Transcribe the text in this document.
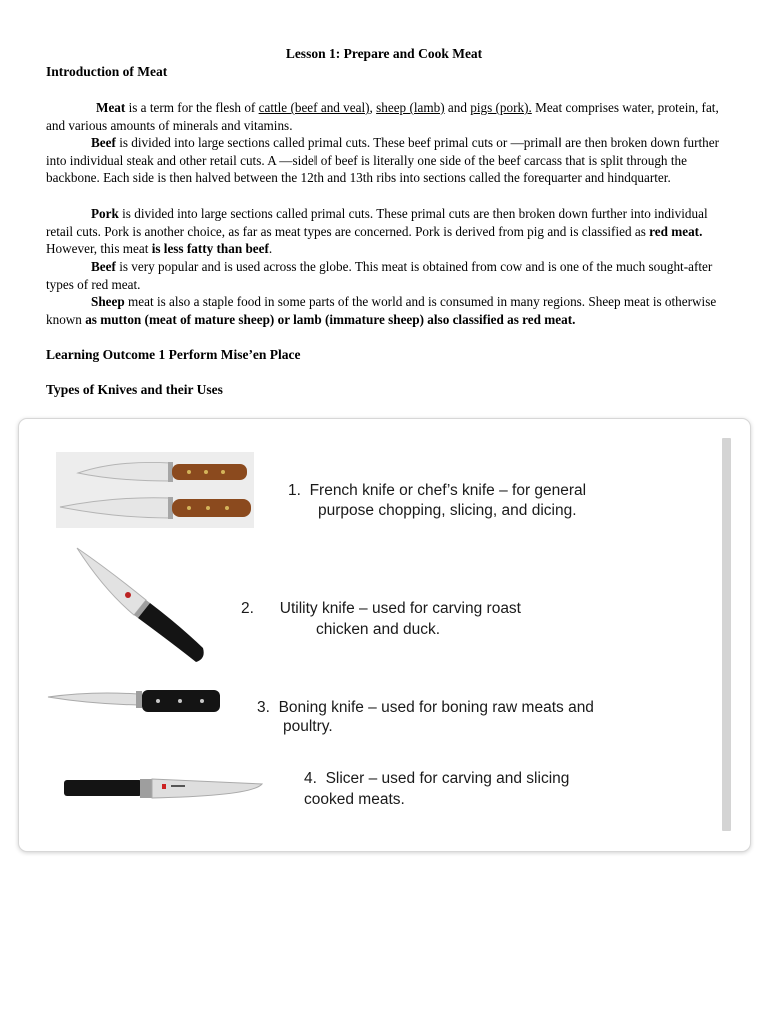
Lesson 1: Prepare and Cook Meat
Introduction of Meat
Meat is a term for the flesh of cattle (beef and veal), sheep (lamb) and pigs (pork). Meat comprises water, protein, fat, and various amounts of minerals and vitamins.
Beef is divided into large sections called primal cuts. These beef primal cuts or —primal‖ are then broken down further into individual steak and other retail cuts. A —side‖ of beef is literally one side of the beef carcass that is split through the backbone. Each side is then halved between the 12th and 13th ribs into sections called the forequarter and hindquarter.
Pork is divided into large sections called primal cuts. These primal cuts are then broken down further into individual retail cuts. Pork is another choice, as far as meat types are concerned. Pork is derived from pig and is classified as red meat. However, this meat is less fatty than beef.
Beef is very popular and is used across the globe. This meat is obtained from cow and is one of the much sought-after types of red meat.
Sheep meat is also a staple food in some parts of the world and is consumed in many regions. Sheep meat is otherwise known as mutton (meat of mature sheep) or lamb (immature sheep) also classified as red meat.
Learning Outcome 1 Perform Mise’en Place
Types of Knives and their Uses
1. French knife or chef’s knife – for general
purpose chopping, slicing, and dicing.
2. Utility knife – used for carving roast
chicken and duck.
3. Boning knife – used for boning raw meats and
poultry.
4. Slicer – used for carving and slicing
cooked meats.
